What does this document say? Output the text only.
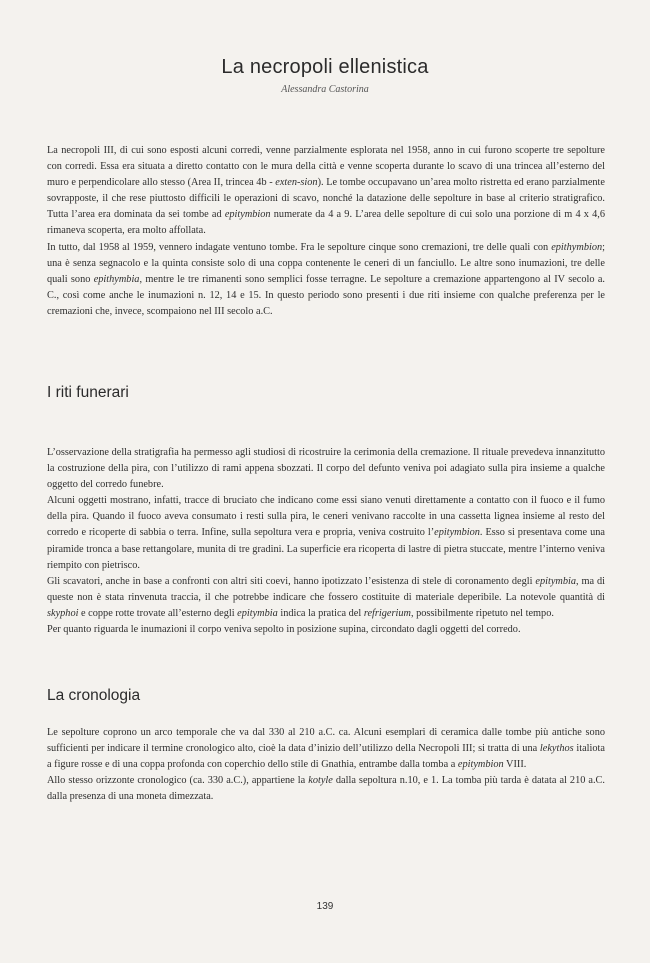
La necropoli ellenistica
Alessandra Castorina

La necropoli III, di cui sono esposti alcuni corredi, venne parzialmente esplorata nel 1958, anno in cui furono scoperte tre sepolture con corredi. Essa era situata a diretto contatto con le mura della città e venne scoperta durante lo scavo di una trincea all’esterno del muro e perpendicolare allo stesso (Area II, trincea 4b - exten-sion). Le tombe occupavano un’area molto ristretta ed erano parzialmente sovrapposte, il che rese piuttosto difficili le operazioni di scavo, nonché la datazione delle sepolture in base al criterio stratigrafico. Tutta l’area era dominata da sei tombe ad epitymbion numerate da 4 a 9. L’area delle sepolture di cui solo una porzione di m 4 x 4,6 rimaneva scoperta, era molto affollata.

In tutto, dal 1958 al 1959, vennero indagate ventuno tombe. Fra le sepolture cinque sono cremazioni, tre delle quali con epithymbion; una è senza segnacolo e la quinta consiste solo di una coppa contenente le ceneri di un fanciullo. Le altre sono inumazioni, tre delle quali sono epithymbia, mentre le tre rimanenti sono semplici fosse terragne. Le sepolture a cremazione appartengono al IV secolo a. C., così come anche le inumazioni n. 12, 14 e 15. In questo periodo sono presenti i due riti insieme con qualche preferenza per le cremazioni che, invece, scompaiono nel III secolo a.C.

I riti funerari

L’osservazione della stratigrafia ha permesso agli studiosi di ricostruire la cerimonia della cremazione. Il rituale prevedeva innanzitutto la costruzione della pira, con l’utilizzo di rami appena sbozzati. Il corpo del defunto veniva poi adagiato sulla pira insieme a qualche oggetto del corredo funebre.

Alcuni oggetti mostrano, infatti, tracce di bruciato che indicano come essi siano venuti direttamente a contatto con il fuoco e il fumo della pira. Quando il fuoco aveva consumato i resti sulla pira, le ceneri venivano raccolte in una cassetta lignea insieme al resto del corredo e ricoperte di sabbia o terra. Infine, sulla sepoltura vera e propria, veniva costruito l’epitymbion. Esso si presentava come una piramide tronca a base rettangolare, munita di tre gradini. La superficie era ricoperta di lastre di pietra stuccate, mentre l’interno veniva riempito con pietrisco.

Gli scavatori, anche in base a confronti con altri siti coevi, hanno ipotizzato l’esistenza di stele di coronamento degli epitymbia, ma di queste non è stata rinvenuta traccia, il che potrebbe indicare che fossero costituite di materiale deperibile. La notevole quantità di skyphoi e coppe rotte trovate all’esterno degli epitymbia indica la pratica del refrigerium, possibilmente ripetuto nel tempo.

Per quanto riguarda le inumazioni il corpo veniva sepolto in posizione supina, circondato dagli oggetti del corredo.

La cronologia

Le sepolture coprono un arco temporale che va dal 330 al 210 a.C. ca. Alcuni esemplari di ceramica dalle tombe più antiche sono sufficienti per indicare il termine cronologico alto, cioè la data d’inizio dell’utilizzo della Necropoli III; si tratta di una lekythos italiota a figure rosse e di una coppa profonda con coperchio dello stile di Gnathia, entrambe dalla tomba a epitymbion VIII.

Allo stesso orizzonte cronologico (ca. 330 a.C.), appartiene la kotyle dalla sepoltura n.10, e 1. La tomba più tarda è datata al 210 a.C. dalla presenza di una moneta dimezzata.

139
